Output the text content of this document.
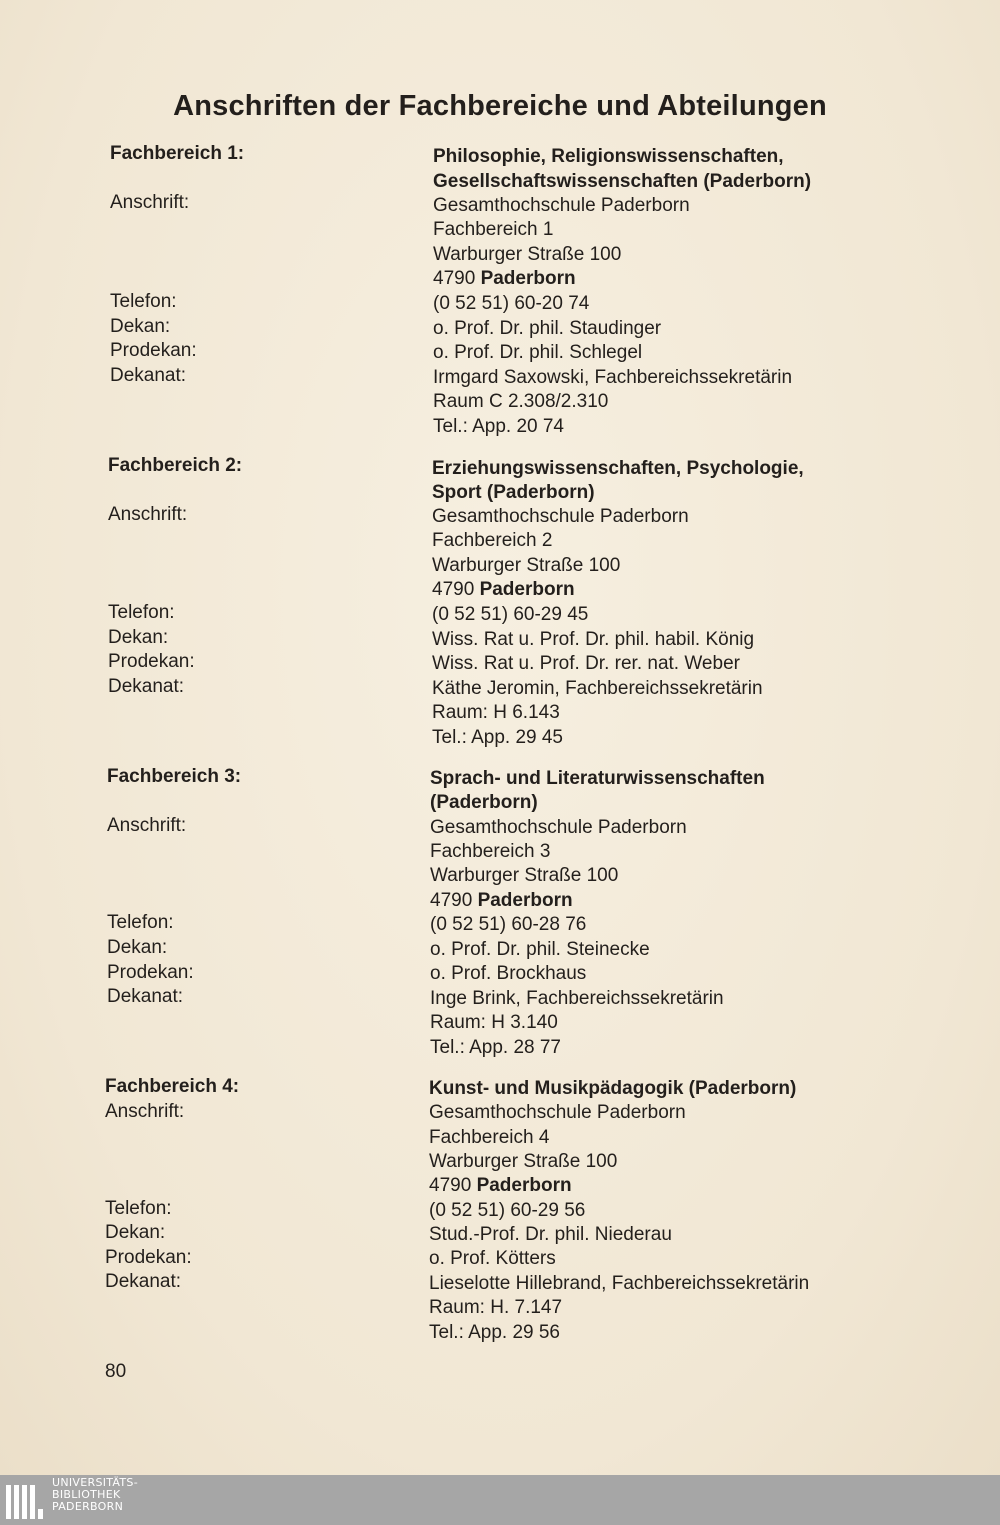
Anschriften der Fachbereiche und Abteilungen
Fachbereich 1:	Philosophie, Religionswissenschaften,
Gesellschaftswissenschaften (Paderborn)
Anschrift:	Gesamthochschule Paderborn
Fachbereich 1
Warburger Straße 100
4790 Paderborn
Telefon:	(0 52 51) 60-20 74
Dekan:	o. Prof. Dr. phil. Staudinger
Prodekan:	o. Prof. Dr. phil. Schlegel
Dekanat:	Irmgard Saxowski, Fachbereichssekretärin
Raum C 2.308/2.310
Tel.: App. 20 74
Fachbereich 2:	Erziehungswissenschaften, Psychologie,
Sport (Paderborn)
Anschrift:	Gesamthochschule Paderborn
Fachbereich 2
Warburger Straße 100
4790 Paderborn
Telefon:	(0 52 51) 60-29 45
Dekan:	Wiss. Rat u. Prof. Dr. phil. habil. König
Prodekan:	Wiss. Rat u. Prof. Dr. rer. nat. Weber
Dekanat:	Käthe Jeromin, Fachbereichssekretärin
Raum: H 6.143
Tel.: App. 29 45
Fachbereich 3:	Sprach- und Literaturwissenschaften
(Paderborn)
Anschrift:	Gesamthochschule Paderborn
Fachbereich 3
Warburger Straße 100
4790 Paderborn
Telefon:	(0 52 51) 60-28 76
Dekan:	o. Prof. Dr. phil. Steinecke
Prodekan:	o. Prof. Brockhaus
Dekanat:	Inge Brink, Fachbereichssekretärin
Raum: H 3.140
Tel.: App. 28 77
Fachbereich 4:	Kunst- und Musikpädagogik (Paderborn)
Anschrift:	Gesamthochschule Paderborn
Fachbereich 4
Warburger Straße 100
4790 Paderborn
Telefon:	(0 52 51) 60-29 56
Dekan:	Stud.-Prof. Dr. phil. Niederau
Prodekan:	o. Prof. Kötters
Dekanat:	Lieselotte Hillebrand, Fachbereichssekretärin
Raum: H. 7.147
Tel.: App. 29 56
80
UNIVERSITÄTS-
BIBLIOTHEK
PADERBORN
